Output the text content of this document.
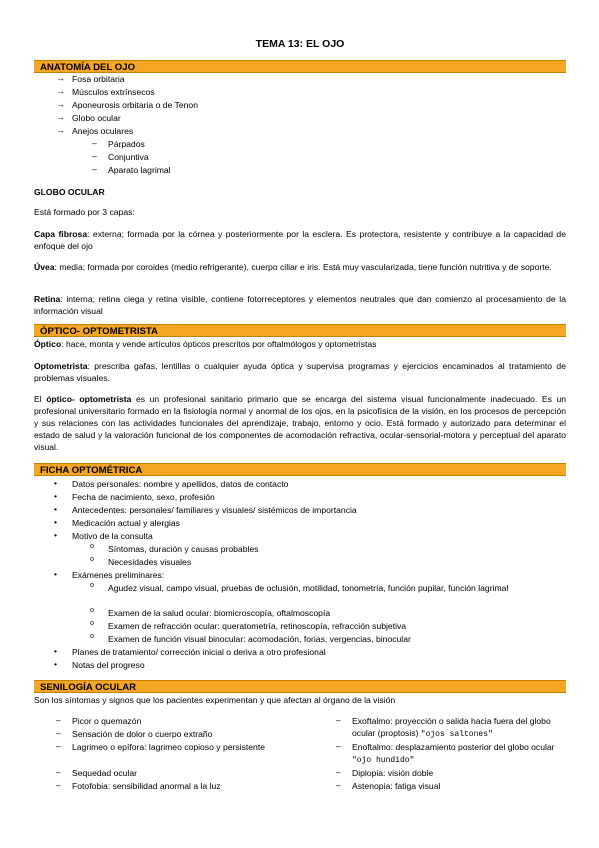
TEMA 13: EL OJO
ANATOMÍA DEL OJO
→ Fosa orbitaria
→ Músculos extrínsecos
→ Aponeurosis orbitaria o de Tenon
→ Globo ocular
→ Anejos oculares
– Párpados
– Conjuntiva
– Aparato lagrimal
GLOBO OCULAR
Está formado por 3 capas:
Capa fibrosa: externa; formada por la córnea y posteriormente por la esclera. Es protectora, resistente y contribuye a la capacidad de enfoque del ojo
Úvea: media; formada por coroides (medio refrigerante), cuerpo ciliar e iris. Está muy vascularizada, tiene función nutritiva y de soporte.
Retina: interna; retina ciega y retina visible, contiene fotorreceptores y elementos neutrales que dan comienzo al procesamiento de la información visual
ÓPTICO- OPTOMETRISTA
Óptico: hace, monta y vende artículos ópticos prescritos por oftalmólogos y optometristas
Optometrista: prescriba gafas, lentillas o cualquier ayuda óptica y supervisa programas y ejercicios encaminados al tratamiento de problemas visuales.
El óptico- optometrista es un profesional sanitario primario que se encarga del sistema visual funcionalmente inadecuado. Es un profesional universitario formado en la fisiología normal y anormal de los ojos, en la psicofísica de la visión, en los procesos de percepción y sus relaciones con las actividades funcionales del aprendizaje, trabajo, entorno y ocio. Está formado y autorizado para determinar el estado de salud y la valoración funcional de los componentes de acomodación refractiva, ocular-sensorial-motora y perceptual del aparato visual.
FICHA OPTOMÉTRICA
• Datos personales: nombre y apellidos, datos de contacto
• Fecha de nacimiento, sexo, profesión
• Antecedentes: personales/ familiares y visuales/ sistémicos de importancia
• Medicación actual y alergias
• Motivo de la consulta
o Síntomas, duración y causas probables
o Necesidades visuales
• Exámenes preliminares:
o Agudez visual, campo visual, pruebas de oclusión, motilidad, tonometría, función pupilar, función lagrimal
o Examen de la salud ocular: biomicroscopía, oftalmoscopía
o Examen de refracción ocular: queratometría, retinoscopía, refracción subjetiva
o Examen de función visual binocular: acomodación, forias, vergencias, binocular
• Planes de tratamiento/ corrección inicial o deriva a otro profesional
• Notas del progreso
SENILOGÍA OCULAR
Son los síntomas y signos que los pacientes experimentan y que afectan al órgano de la visión
– Picor o quemazón
– Sensación de dolor o cuerpo extraño
– Lagrimeo o epífora: lagrimeo copioso y persistente
– Sequedad ocular
– Fotofobia: sensibilidad anormal a la luz
– Exoftalmo: proyección o salida hacia fuera del globo ocular (proptosis) "ojos saltones"
– Enoftalmo: desplazamiento posterior del globo ocular "ojo hundido"
– Diplopia: visión doble
– Astenopia: fatiga visual
